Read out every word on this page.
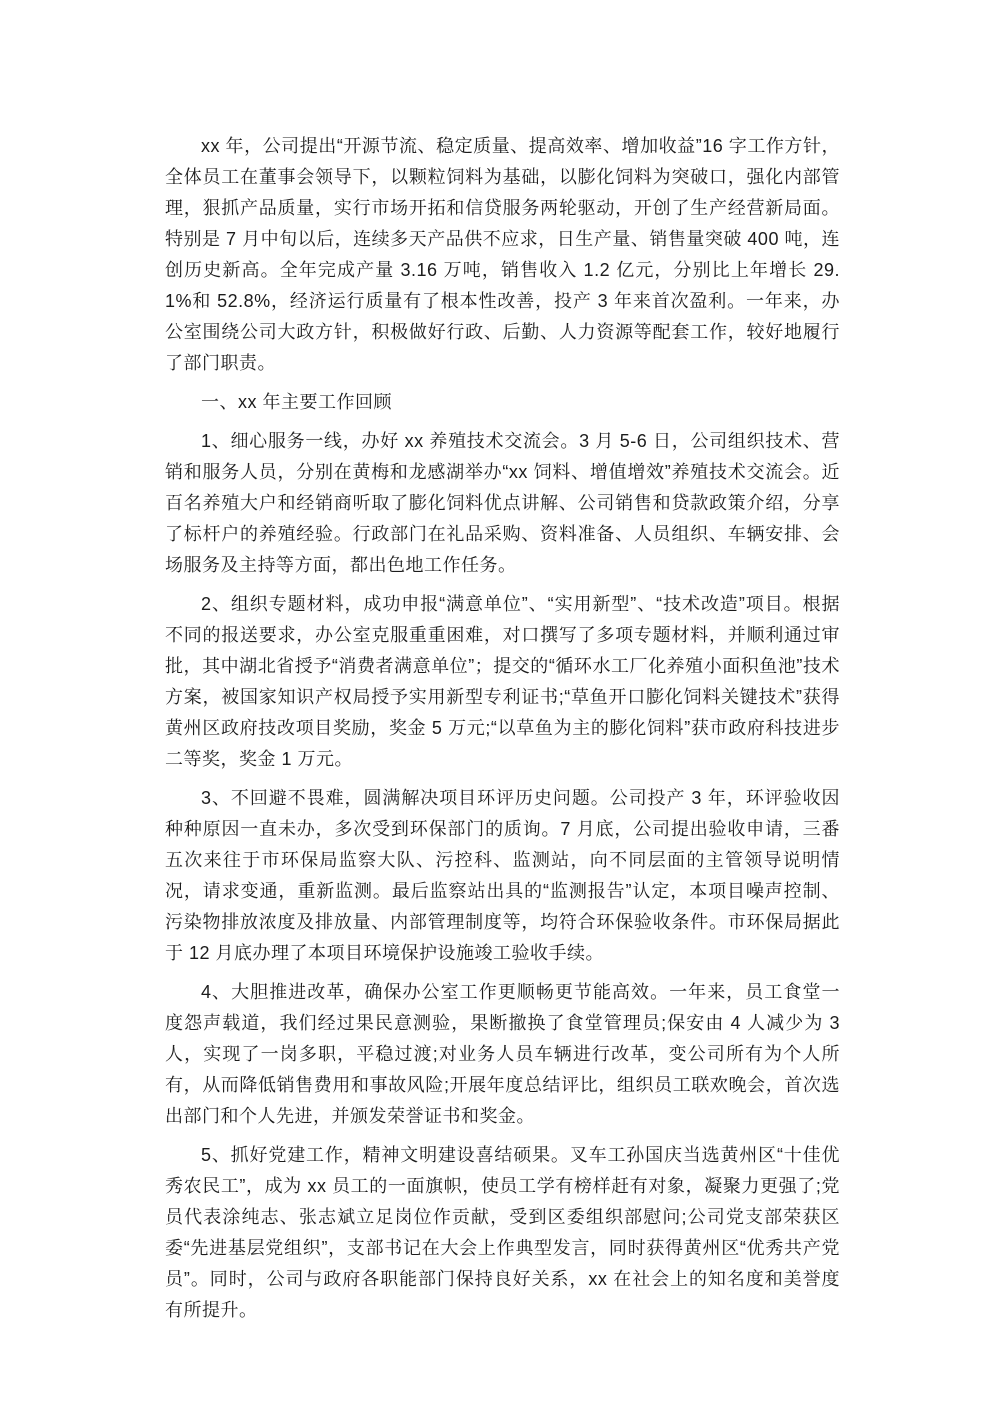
xx 年，公司提出“开源节流、稳定质量、提高效率、增加收益”16 字工作方针，全体员工在董事会领导下，以颗粒饲料为基础，以膨化饲料为突破口，强化内部管理，狠抓产品质量，实行市场开拓和信贷服务两轮驱动，开创了生产经营新局面。特别是 7 月中旬以后，连续多天产品供不应求，日生产量、销售量突破 400 吨，连创历史新高。全年完成产量 3.16 万吨，销售收入 1.2 亿元，分别比上年增长 29.1%和 52.8%，经济运行质量有了根本性改善，投产 3 年来首次盈利。一年来，办公室围绕公司大政方针，积极做好行政、后勤、人力资源等配套工作，较好地履行了部门职责。

一、xx 年主要工作回顾

1、细心服务一线，办好 xx 养殖技术交流会。3 月 5-6 日，公司组织技术、营销和服务人员，分别在黄梅和龙感湖举办“xx 饲料、增值增效”养殖技术交流会。近百名养殖大户和经销商听取了膨化饲料优点讲解、公司销售和贷款政策介绍，分享了标杆户的养殖经验。行政部门在礼品采购、资料准备、人员组织、车辆安排、会场服务及主持等方面，都出色地工作任务。

2、组织专题材料，成功申报“满意单位”、“实用新型”、“技术改造”项目。根据不同的报送要求，办公室克服重重困难，对口撰写了多项专题材料，并顺利通过审批，其中湖北省授予“消费者满意单位”；提交的“循环水工厂化养殖小面积鱼池”技术方案，被国家知识产权局授予实用新型专利证书;“草鱼开口膨化饲料关键技术”获得黄州区政府技改项目奖励，奖金 5 万元;“以草鱼为主的膨化饲料”获市政府科技进步二等奖，奖金 1 万元。

3、不回避不畏难，圆满解决项目环评历史问题。公司投产 3 年，环评验收因种种原因一直未办，多次受到环保部门的质询。7 月底，公司提出验收申请，三番五次来往于市环保局监察大队、污控科、监测站，向不同层面的主管领导说明情况，请求变通，重新监测。最后监察站出具的“监测报告”认定，本项目噪声控制、污染物排放浓度及排放量、内部管理制度等，均符合环保验收条件。市环保局据此于 12 月底办理了本项目环境保护设施竣工验收手续。

4、大胆推进改革，确保办公室工作更顺畅更节能高效。一年来，员工食堂一度怨声载道，我们经过果民意测验，果断撤换了食堂管理员;保安由 4 人减少为 3 人，实现了一岗多职，平稳过渡;对业务人员车辆进行改革，变公司所有为个人所有，从而降低销售费用和事故风险;开展年度总结评比，组织员工联欢晚会，首次选出部门和个人先进，并颁发荣誉证书和奖金。

5、抓好党建工作，精神文明建设喜结硕果。叉车工孙国庆当选黄州区“十佳优秀农民工”，成为 xx 员工的一面旗帜，使员工学有榜样赶有对象，凝聚力更强了;党员代表涂纯志、张志斌立足岗位作贡献，受到区委组织部慰问;公司党支部荣获区委“先进基层党组织”，支部书记在大会上作典型发言，同时获得黄州区“优秀共产党员”。同时，公司与政府各职能部门保持良好关系，xx 在社会上的知名度和美誉度有所提升。
